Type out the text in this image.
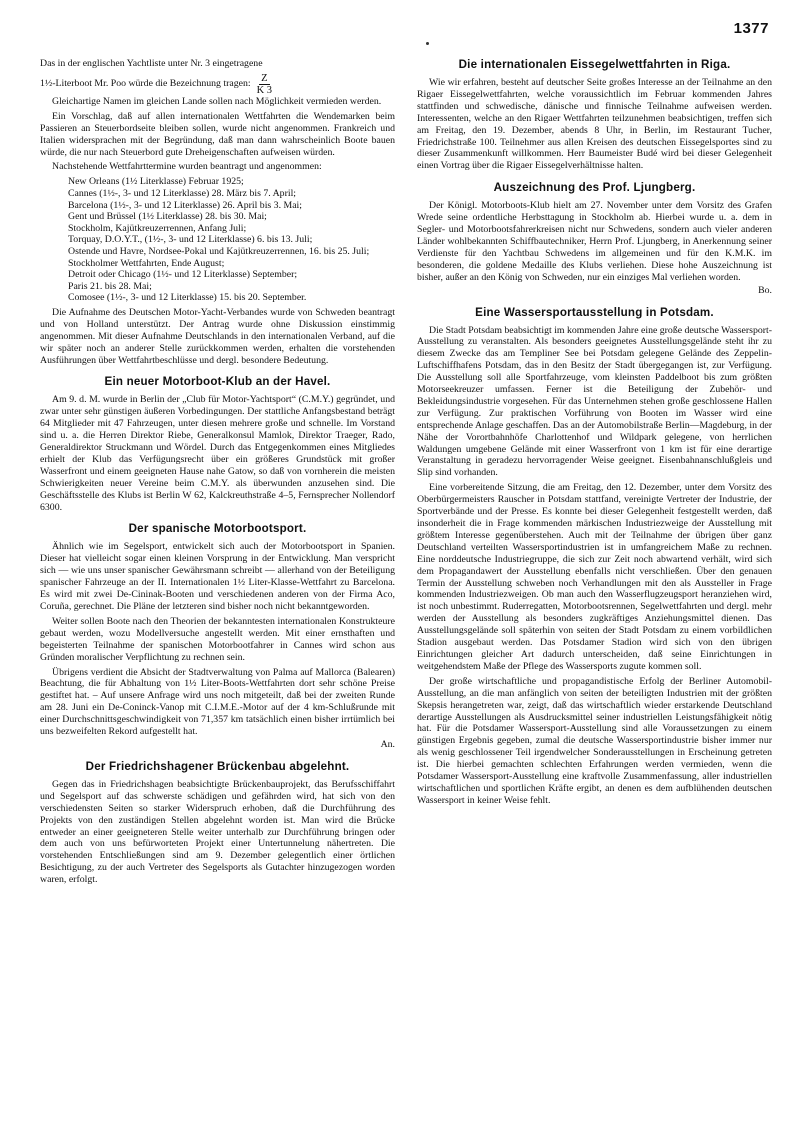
1377

Das in der englischen Yachtliste unter Nr. 3 eingetragene

1½-Literboot Mr. Poo würde die Bezeichnung tragen: $\frac{Z}{K 3}$

Gleichartige Namen im gleichen Lande sollen nach Möglichkeit vermieden werden.

Ein Vorschlag, daß auf allen internationalen Wettfahrten die Wendemarken beim Passieren an Steuerbordseite bleiben sollen, wurde nicht angenommen. Frankreich und Italien widersprachen mit der Begründung, daß man dann wahrscheinlich Boote bauen würde, die nur nach Steuerbord gute Dreheigenschaften aufweisen würden.

Nachstehende Wettfahrttermine wurden beantragt und angenommen:

New Orleans (1½ Literklasse) Februar 1925;
Cannes (1½-, 3- und 12 Literklasse) 28. März bis 7. April;
Barcelona (1½-, 3- und 12 Literklasse) 26. April bis 3. Mai;
Gent und Brüssel (1½ Literklasse) 28. bis 30. Mai;
Stockholm, Kajütkreuzerrennen, Anfang Juli;
Torquay, D.O.Y.T., (1½-, 3- und 12 Literklasse) 6. bis 13. Juli;
Ostende und Havre, Nordsee-Pokal und Kajütkreuzerrennen, 16. bis 25. Juli;
Stockholmer Wettfahrten, Ende August;
Detroit oder Chicago (1½- und 12 Literklasse) September;
Paris 21. bis 28. Mai;
Comosee (1½-, 3- und 12 Literklasse) 15. bis 20. September.

Die Aufnahme des Deutschen Motor-Yacht-Verbandes wurde von Schweden beantragt und von Holland unterstützt. Der Antrag wurde ohne Diskussion einstimmig angenommen. Mit dieser Aufnahme Deutschlands in den internationalen Verband, auf die wir später noch an anderer Stelle zurückkommen werden, erhalten die vorstehenden Ausführungen über Wettfahrtbeschlüsse und dergl. besondere Bedeutung.

Ein neuer Motorboot-Klub an der Havel.

Am 9. d. M. wurde in Berlin der „Club für Motor-Yachtsport“ (C.M.Y.) gegründet, und zwar unter sehr günstigen äußeren Vorbedingungen. Der stattliche Anfangsbestand beträgt 64 Mitglieder mit 47 Fahrzeugen, unter diesen mehrere große und schnelle. Im Vorstand sind u. a. die Herren Direktor Riebe, Generalkonsul Mamlok, Direktor Traeger, Rado, Generaldirektor Struckmann und Wördel. Durch das Entgegenkommen eines Mitgliedes erhielt der Klub das Verfügungsrecht über ein größeres Grundstück mit großer Wasserfront und einem geeigneten Hause nahe Gatow, so daß von vornherein die meisten Schwierigkeiten neuer Vereine beim C.M.Y. als überwunden anzusehen sind. Die Geschäftsstelle des Klubs ist Berlin W 62, Kalckreuthstraße 4–5, Fernsprecher Nollendorf 6300.

Der spanische Motorbootsport.

Ähnlich wie im Segelsport, entwickelt sich auch der Motorbootsport in Spanien. Dieser hat vielleicht sogar einen kleinen Vorsprung in der Entwicklung. Man verspricht sich — wie uns unser spanischer Gewährsmann schreibt — allerhand von der Beteiligung spanischer Fahrzeuge an der II. Internationalen 1½ Liter-Klasse-Wettfahrt zu Barcelona. Es wird mit zwei De-Cininak-Booten und verschiedenen anderen von der Firma Aco, Coruña, gerechnet. Die Pläne der letzteren sind bisher noch nicht bekanntgeworden.

Weiter sollen Boote nach den Theorien der bekanntesten internationalen Konstrukteure gebaut werden, wozu Modellversuche angestellt werden. Mit einer ernsthaften und begeisterten Teilnahme der spanischen Motorbootfahrer in Cannes wird schon aus Gründen moralischer Verpflichtung zu rechnen sein.

Übrigens verdient die Absicht der Stadtverwaltung von Palma auf Mallorca (Balearen) Beachtung, die für Abhaltung von 1½ Liter-Boots-Wettfahrten dort sehr schöne Preise gestiftet hat. – Auf unsere Anfrage wird uns noch mitgeteilt, daß bei der zweiten Runde am 28. Juni ein De-Coninck-Vanop mit C.I.M.E.-Motor auf der 4 km-Schlußrunde mit einer Durchschnittsgeschwindigkeit von 71,357 km tatsächlich einen bisher irrtümlich bei uns bezweifelten Rekord aufgestellt hat.

An.

Der Friedrichshagener Brückenbau abgelehnt.

Gegen das in Friedrichshagen beabsichtigte Brückenbauprojekt, das Berufsschiffahrt und Segelsport auf das schwerste schädigen und gefährden wird, hat sich von den verschiedensten Seiten so starker Widerspruch erhoben, daß die Durchführung des Projekts von den zuständigen Stellen abgelehnt worden ist. Man wird die Brücke entweder an einer geeigneteren Stelle weiter unterhalb zur Durchführung bringen oder dem auch von uns befürworteten Projekt einer Untertunnelung nähertreten. Die vorstehenden Entschließungen sind am 9. Dezember gelegentlich einer örtlichen Besichtigung, zu der auch Vertreter des Segelsports als Gutachter hinzugezogen worden waren, erfolgt.

Die internationalen Eissegelwettfahrten in Riga.

Wie wir erfahren, besteht auf deutscher Seite großes Interesse an der Teilnahme an den Rigaer Eissegelwettfahrten, welche voraussichtlich im Februar kommenden Jahres stattfinden und schwedische, dänische und finnische Teilnahme aufweisen werden. Interessenten, welche an den Rigaer Wettfahrten teilzunehmen beabsichtigen, treffen sich am Freitag, den 19. Dezember, abends 8 Uhr, in Berlin, im Restaurant Tucher, Friedrichstraße 100. Teilnehmer aus allen Kreisen des deutschen Eissegelsportes sind zu dieser Zusammenkunft willkommen. Herr Baumeister Budé wird bei dieser Gelegenheit einen Vortrag über die Rigaer Eissegelverhältnisse halten.

Auszeichnung des Prof. Ljungberg.

Der Königl. Motorboots-Klub hielt am 27. November unter dem Vorsitz des Grafen Wrede seine ordentliche Herbsttagung in Stockholm ab. Hierbei wurde u. a. dem in Segler- und Motorbootsfahrerkreisen nicht nur Schwedens, sondern auch vieler anderen Länder wohlbekannten Schiffbautechniker, Herrn Prof. Ljungberg, in Anerkennung seiner Verdienste für den Yachtbau Schwedens im allgemeinen und für den K.M.K. im besonderen, die goldene Medaille des Klubs verliehen. Diese hohe Auszeichnung ist bisher, außer an den König von Schweden, nur ein einziges Mal verliehen worden.

Bo.

Eine Wassersportausstellung in Potsdam.

Die Stadt Potsdam beabsichtigt im kommenden Jahre eine große deutsche Wassersport-Ausstellung zu veranstalten. Als besonders geeignetes Ausstellungsgelände steht ihr zu diesem Zwecke das am Templiner See bei Potsdam gelegene Gelände des Zeppelin-Luftschiffhafens Potsdam, das in den Besitz der Stadt übergegangen ist, zur Verfügung. Die Ausstellung soll alle Sportfahrzeuge, vom kleinsten Paddelboot bis zum größten Motorseekreuzer umfassen. Ferner ist die Beteiligung der Zubehör- und Bekleidungsindustrie vorgesehen. Für das Unternehmen stehen große geschlossene Hallen zur Verfügung. Zur praktischen Vorführung von Booten im Wasser wird eine entsprechende Anlage geschaffen. Das an der Automobilstraße Berlin—Magdeburg, in der Nähe der Vorortbahnhöfe Charlottenhof und Wildpark gelegene, von herrlichen Waldungen umgebene Gelände mit einer Wasserfront von 1 km ist für eine derartige Veranstaltung in geradezu hervorragender Weise geeignet. Eisenbahnanschlußgleis und Slip sind vorhanden.

Eine vorbereitende Sitzung, die am Freitag, den 12. Dezember, unter dem Vorsitz des Oberbürgermeisters Rauscher in Potsdam stattfand, vereinigte Vertreter der Industrie, der Sportverbände und der Presse. Es konnte bei dieser Gelegenheit festgestellt werden, daß insonderheit die in Frage kommenden märkischen Industriezweige der Ausstellung mit größtem Interesse gegenüberstehen. Auch mit der Teilnahme der übrigen über ganz Deutschland verteilten Wassersportindustrien ist in umfangreichem Maße zu rechnen. Eine norddeutsche Industriegruppe, die sich zur Zeit noch abwartend verhält, wird sich dem Propagandawert der Ausstellung ebenfalls nicht verschließen. Über den genauen Termin der Ausstellung schweben noch Verhandlungen mit den als Aussteller in Frage kommenden Industriezweigen. Ob man auch den Wasserflugzeugsport heranziehen wird, ist noch unbestimmt. Ruderregatten, Motorbootsrennen, Segelwettfahrten und dergl. mehr werden der Ausstellung als besonders zugkräftiges Anziehungsmittel dienen. Das Ausstellungsgelände soll späterhin von seiten der Stadt Potsdam zu einem vorbildlichen Stadion ausgebaut werden. Das Potsdamer Stadion wird sich von den übrigen Einrichtungen gleicher Art dadurch unterscheiden, daß seine Einrichtungen in weitgehendstem Maße der Pflege des Wassersports zugute kommen soll.

Der große wirtschaftliche und propagandistische Erfolg der Berliner Automobil-Ausstellung, an die man anfänglich von seiten der beteiligten Industrien mit der größten Skepsis herangetreten war, zeigt, daß das wirtschaftlich wieder erstarkende Deutschland derartige Ausstellungen als Ausdrucksmittel seiner industriellen Leistungsfähigkeit nötig hat. Für die Potsdamer Wassersport-Ausstellung sind alle Voraussetzungen zu einem günstigen Ergebnis gegeben, zumal die deutsche Wassersportindustrie bisher immer nur als wenig geschlossener Teil irgendwelcher Sonderausstellungen in Erscheinung getreten ist. Die hierbei gemachten schlechten Erfahrungen werden vermieden, wenn die Potsdamer Wassersport-Ausstellung eine kraftvolle Zusammenfassung, aller industriellen wirtschaftlichen und sportlichen Kräfte ergibt, an denen es dem aufblühenden deutschen Wassersport in keiner Weise fehlt.
